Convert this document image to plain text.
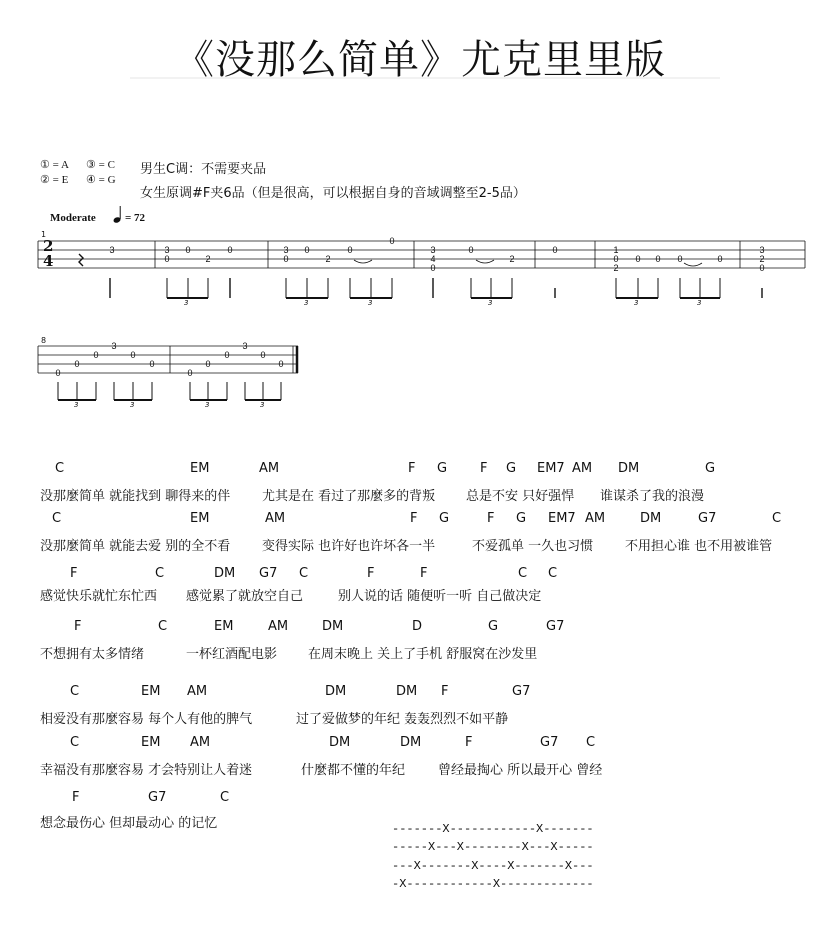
《没那么简单》尤克里里版
① = A ③ = C
② = E ④ = G
男生C调：不需要夹品
女生原调#F夹6品（但是很高，可以根据自身的音域调整至2-5品）
Moderate	= 72
3	3
0
0
2
0	3
0
0
2
0
0
3
4
0
0
2
0	1
0
2
0 0 0	0
3
2
0
0
0
0
3
0
0
0
0
0
3
0
0
1
8
2
4
3	3	3	3	3	3
3	3	3	3
C	EM	AM	F G	F G EM7 AM DM	G
没那麼简单 就能找到 聊得来的伴 尤其是在 看过了那麼多的背叛 总是不安 只好强悍 谁谋杀了我的浪漫
C	EM	AM	F G	F G EM7 AM	DM	G7	C
没那麼简单 就能去爱 别的全不看 变得实际 也许好也许坏各一半	不爱孤单 一久也习惯 不用担心谁 也不用被谁管
F	C	DM G7 C	F	F	C C
感觉快乐就忙东忙西 感觉累了就放空自己	别人说的话 随便听一听 自己做决定
F	C	EM	AM	DM	D	G	G7
不想拥有太多情绪	一杯红酒配电影 在周末晚上 关上了手机 舒服窝在沙发里
C	EM AM	DM	DM F	G7
相爱没有那麼容易 每个人有他的脾气	过了爱做梦的年纪 轰轰烈烈不如平静
C	EM AM	DM	DM	F	G7 C
幸福没有那麼容易 才会特别让人着迷	什麼都不懂的年纪	曾经最掏心 所以最开心 曾经
F	G7	C
想念最伤心 但却最动心 的记忆	-------X------------X-------
-----X---X--------X---X-----
---X-------X----X-------X---
-X------------X-------------
